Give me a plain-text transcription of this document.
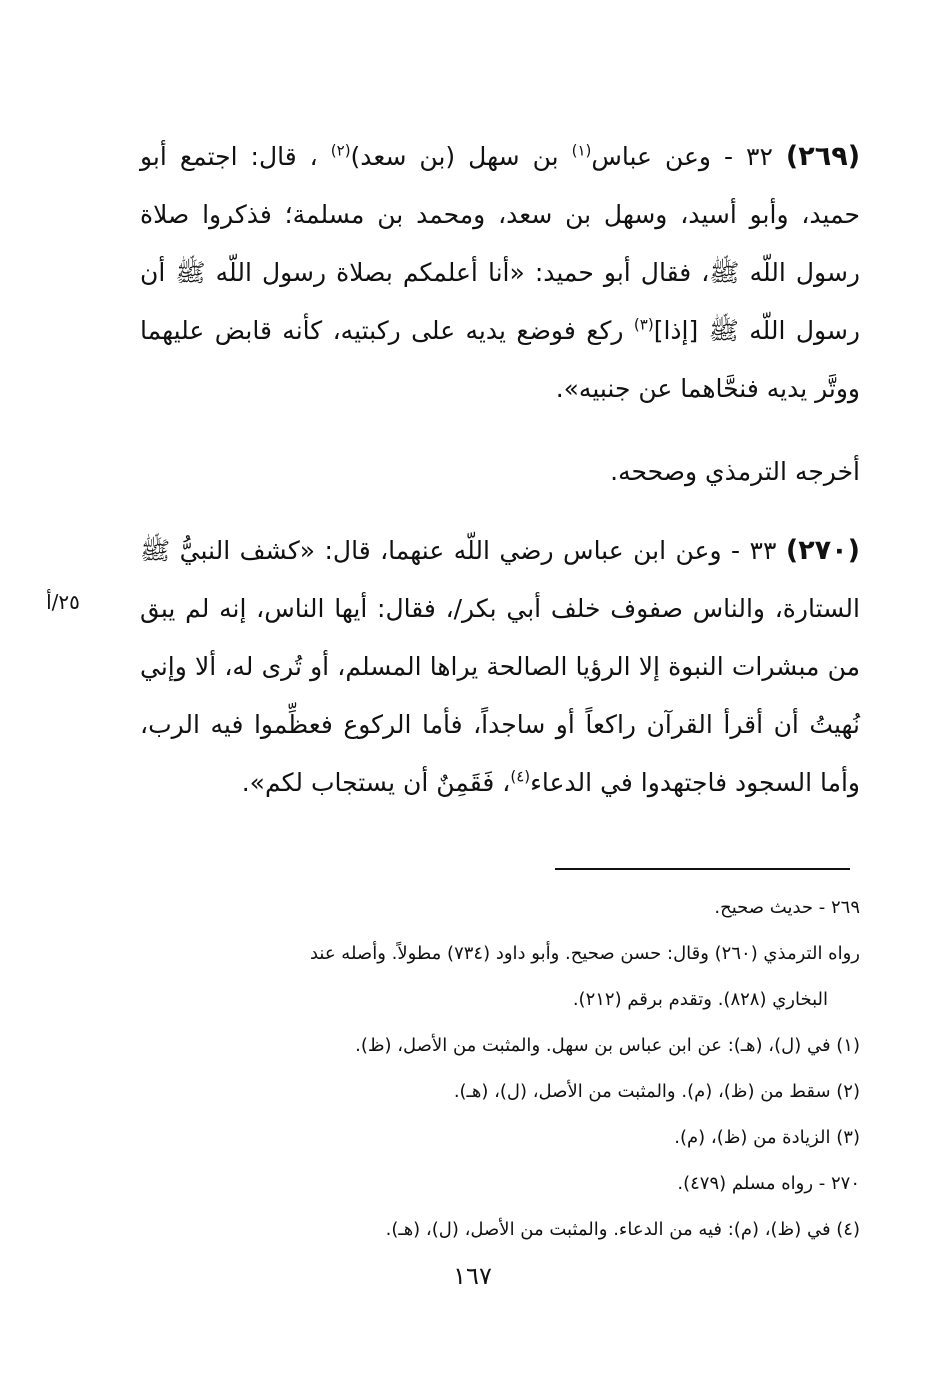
(٢٦٩) ٣٢ - وعن عباس$^{(١)}$ بن سهل (بن سعد)$^{(٢)}$ ، قال: اجتمع أبو حميد، وأبو أسيد، وسهل بن سعد، ومحمد بن مسلمة؛ فذكروا صلاة رسول اللّه ﷺ، فقال أبو حميد: «أنا أعلمكم بصلاة رسول اللّه ﷺ أن رسول اللّه ﷺ [إذا]$^{(٣)}$ ركع فوضع يديه على ركبتيه، كأنه قابض عليهما ووتَّر يديه فنحَّاهما عن جنبيه».

أخرجه الترمذي وصححه.

(٢٧٠) ٣٣ - وعن ابن عباس رضي اللّه عنهما، قال: «كشف النبيُّ ﷺ الستارة، والناس صفوف خلف أبي بكر/، فقال: أيها الناس، إنه لم يبق من مبشرات النبوة إلا الرؤيا الصالحة يراها المسلم، أو تُرى له، ألا وإني نُهيتُ أن أقرأ القرآن راكعاً أو ساجداً، فأما الركوع فعظِّموا فيه الرب، وأما السجود فاجتهدوا في الدعاء$^{(٤)}$، فَقَمِنٌ أن يستجاب لكم».

٢٥/أ

٢٦٩ - حديث صحيح.

رواه الترمذي (٢٦٠) وقال: حسن صحيح. وأبو داود (٧٣٤) مطولاً. وأصله عند

البخاري (٨٢٨). وتقدم برقم (٢١٢).

(١) في (ل)، (هـ): عن ابن عباس بن سهل. والمثبت من الأصل، (ظ).

(٢) سقط من (ظ)، (م). والمثبت من الأصل، (ل)، (هـ).

(٣) الزيادة من (ظ)، (م).

٢٧٠ - رواه مسلم (٤٧٩).

(٤) في (ظ)، (م): فيه من الدعاء. والمثبت من الأصل، (ل)، (هـ).

١٦٧
